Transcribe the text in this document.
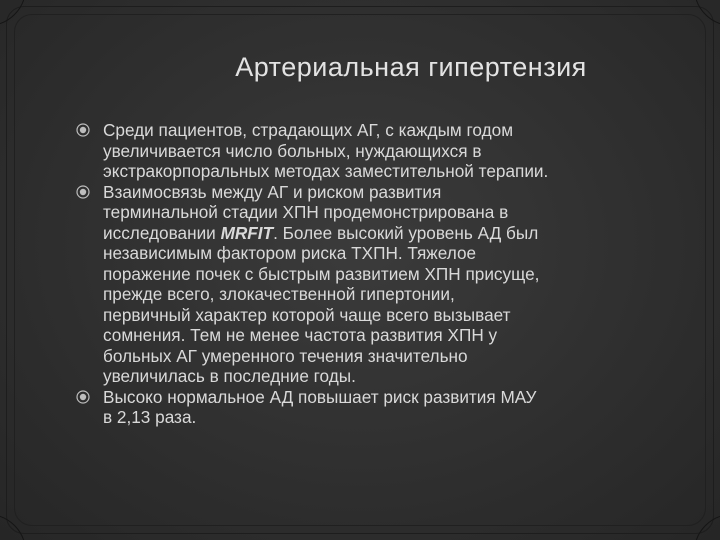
Артериальная гипертензия
Среди пациентов, страдающих АГ, с каждым годом
увеличивается число больных, нуждающихся в
экстракорпоральных методах заместительной терапии.
Взаимосвязь между АГ и риском развития
терминальной стадии ХПН продемонстрирована в
исследовании MRFIT. Более высокий уровень АД был
независимым фактором риска ТХПН. Тяжелое
поражение почек с быстрым развитием ХПН присуще,
прежде всего, злокачественной гипертонии,
первичный характер которой чаще всего вызывает
сомнения. Тем не менее частота развития ХПН у
больных АГ умеренного течения значительно
увеличилась в последние годы.
Высоко нормальное АД повышает риск развития МАУ
в 2,13 раза.
